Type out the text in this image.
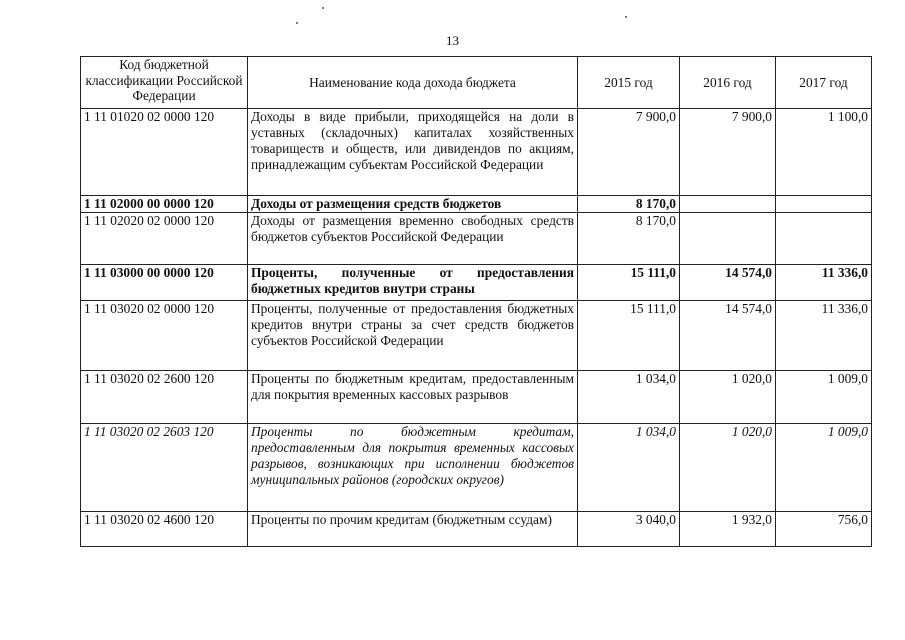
13
Код бюджетной классификации Российской Федерации	Наименование кода дохода бюджета	2015 год	2016 год	2017 год
1 11 01020 02 0000 120	Доходы в виде прибыли, приходящейся на доли в уставных (складочных) капиталах хозяйственных товариществ и обществ, или дивидендов по акциям, принадлежащим субъектам Российской Федерации	7 900,0	7 900,0	1 100,0
1 11 02000 00 0000 120	Доходы от размещения средств бюджетов	8 170,0		
1 11 02020 02 0000 120	Доходы от размещения временно свободных средств бюджетов субъектов Российской Федерации	8 170,0		
1 11 03000 00 0000 120	Проценты, полученные от предоставления бюджетных кредитов внутри страны	15 111,0	14 574,0	11 336,0
1 11 03020 02 0000 120	Проценты, полученные от предоставления бюджетных кредитов внутри страны за счет средств бюджетов субъектов Российской Федерации	15 111,0	14 574,0	11 336,0
1 11 03020 02 2600 120	Проценты по бюджетным кредитам, предоставленным для покрытия временных кассовых разрывов	1 034,0	1 020,0	1 009,0
1 11 03020 02 2603 120	Проценты по бюджетным кредитам, предоставленным для покрытия временных кассовых разрывов, возникающих при исполнении бюджетов муниципальных районов (городских округов)	1 034,0	1 020,0	1 009,0
1 11 03020 02 4600 120	Проценты по прочим кредитам (бюджетным ссудам)	3 040,0	1 932,0	756,0
